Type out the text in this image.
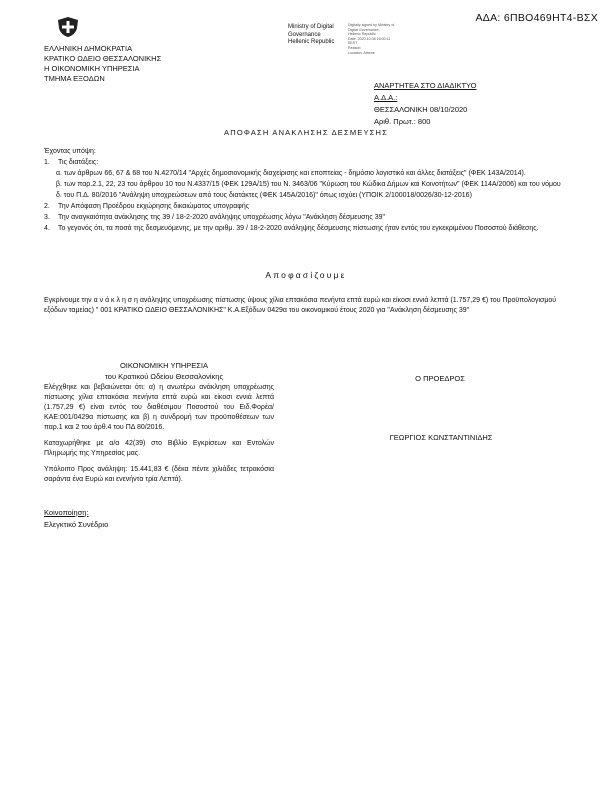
ΑΔΑ: 6ΠΒΟ469ΗΤ4-ΒΣΧ
ΕΛΛΗΝΙΚΗ ΔΗΜΟΚΡΑΤΙΑ
ΚΡΑΤΙΚΟ ΩΔΕΙΟ ΘΕΣΣΑΛΟΝΙΚΗΣ
Η ΟΙΚΟΝΟΜΙΚΗ ΥΠΗΡΕΣΙΑ
ΤΜΗΜΑ ΕΞΟΔΩΝ
Ministry of Digital
Governance
Hellenic Republic
Digitally signed by Ministry of
Digital Governance,
Hellenic Republic
Date: 2020.10.08 16:00:11
EEST
Reason:
Location: Athens
ΑΝΑΡΤΗΤΕΑ ΣΤΟ ΔΙΑΔΙΚΤΥΟ
Α.Δ.Α.:
ΘΕΣΣΑΛΟΝΙΚΗ 08/10/2020
Αριθ. Πρωτ.: 800
ΑΠΟΦΑΣΗ ΑΝΑΚΛΗΣΗΣ ΔΕΣΜΕΥΣΗΣ

Έχοντας υπόψη:

1. Τις διατάξεις:

α. των άρθρων 66, 67 & 68 του Ν.4270/14 "Αρχές δημοσιονομικής διαχείρισης και εποπτείας - δημόσιο λογιστικό και άλλες διατάξεις" (ΦΕΚ 143Α/2014).

β. των παρ.2.1, 22, 23 του άρθρου 10 του Ν.4337/15 (ΦΕΚ 129Α/15) του Ν. 3463/06 "Κύρωση του Κώδικα Δήμων και Κοινοτήτων" (ΦΕΚ 114Α/2006) και του νόμου

δ. του Π.Δ. 80/2016 "Ανάληψη υποχρεώσεων από τους διατάκτες (ΦΕΚ 145Α/2016)" όπως ισχύει (ΥΠΟΙΚ 2/100018/0026/30-12-2016)

2. Την Απόφαση Προέδρου εκχώρησης δικαιώματος υπογραφής

3. Την αναγκαιότητα ανάκλησης της 39 / 18-2-2020 ανάληψης υποχρέωσης λόγω "Ανάκληση δέσμευσης 39"

4. Το γεγονός ότι, τα ποσά της δεσμευόμενης, με την αριθμ. 39 / 18-2-2020 ανάληψης δέσμευσης πίστωσης ήταν εντός του εγκεκριμένου Ποσοστού διάθεσης.

Αποφασίζουμε
Εγκρίνουμε την α ν ά κ λ η σ η ανάληψης υποχρέωσης πίστωσης ύψους χίλια επτακόσια πενήντα επτά ευρώ και είκοσι εννιά λεπτά (1.757,29 €) του Προϋπολογισμού εξόδων ταμείας) " 001 ΚΡΑΤΙΚΟ ΩΔΕΙΟ ΘΕΣΣΑΛΟΝΙΚΗΣ" Κ.Α.Εξόδων 0429α του οικονομικού έτους 2020 για "Ανάκληση δέσμευσης 39"
ΟΙΚΟΝΟΜΙΚΗ ΥΠΗΡΕΣΙΑ
του Κρατικού Ωδείου Θεσσαλονίκης

Ελέγχθηκε και βεβαιώνεται ότι: α) η ανωτέρω ανάκληση υποχρέωσης πίστωσης χίλια επτακόσια πενήντα επτά ευρώ και είκοσι εννιά λεπτά (1.757,29 €) είναι εντός του διαθέσιμου Ποσοστού του Ειδ.Φορέα/ΚΑΕ:001/0429α πίστωσης και β) η συνδρομή των προϋποθέσεων των παρ.1 και 2 του άρθ.4 του ΠΔ 80/2016.

Καταχωρήθηκε με α/α 42(39) στο Βιβλίο Εγκρίσεων και Εντολών Πληρωμής της Υπηρεσίας μας.

Υπόλοιπο Προς ανάληψη: 15.441,83 € (δέκα πέντε χιλιάδες τετρακόσια σαράντα ένα Ευρώ και ενενήντα τρία Λεπτά).

Ο ΠΡΟΕΔΡΟΣ
ΓΕΩΡΓΙΟΣ ΚΩΝΣΤΑΝΤΙΝΙΔΗΣ
Κοινοποίηση:
Ελεγκτικό Συνέδριο
